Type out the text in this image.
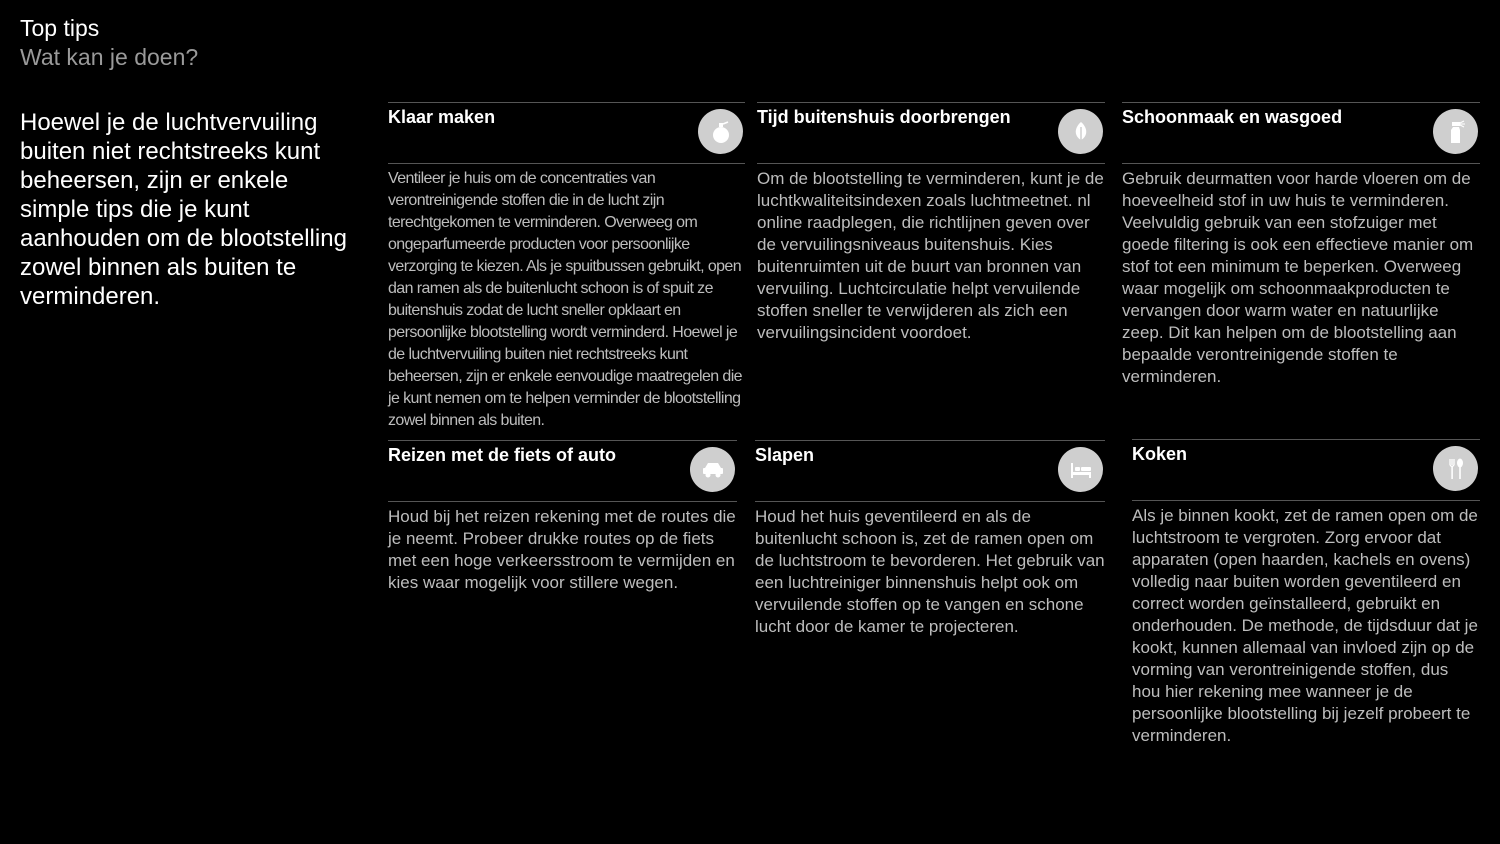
Top tips
Wat kan je doen?
Hoewel je de luchtvervuiling buiten niet rechtstreeks kunt beheersen, zijn er enkele simple tips die je kunt aanhouden om de blootstelling zowel binnen als buiten te verminderen.
Klaar maken
Ventileer je huis om de concentraties van verontreinigende stoffen die in de lucht zijn terechtgekomen te verminderen. Overweeg om ongeparfumeerde producten voor persoonlijke verzorging te kiezen. Als je spuitbussen gebruikt, open dan ramen als de buitenlucht schoon is of spuit ze buitenshuis zodat de lucht sneller opklaart en persoonlijke blootstelling wordt verminderd. Hoewel je de luchtvervuiling buiten niet rechtstreeks kunt beheersen, zijn er enkele eenvoudige maatregelen die je kunt nemen om te helpen verminder de blootstelling zowel binnen als buiten.
Tijd buitenshuis doorbrengen
Om de blootstelling te verminderen, kunt je de luchtkwaliteitsindexen zoals luchtmeetnet. nl online raadplegen, die richtlijnen geven over de vervuilingsniveaus buitenshuis. Kies buitenruimten uit de buurt van bronnen van vervuiling. Luchtcirculatie helpt vervuilende stoffen sneller te verwijderen als zich een vervuilingsincident voordoet.
Schoonmaak en wasgoed
Gebruik deurmatten voor harde vloeren om de hoeveelheid stof in uw huis te verminderen. Veelvuldig gebruik van een stofzuiger met goede filtering is ook een effectieve manier om stof tot een minimum te beperken. Overweeg waar mogelijk om schoonmaakproducten te vervangen door warm water en natuurlijke zeep. Dit kan helpen om de blootstelling aan bepaalde verontreinigende stoffen te verminderen.
Reizen met de fiets of auto
Houd bij het reizen rekening met de routes die je neemt. Probeer drukke routes op de fiets met een hoge verkeersstroom te vermijden en kies waar mogelijk voor stillere wegen.
Slapen
Houd het huis geventileerd en als de buitenlucht schoon is, zet de ramen open om de luchtstroom te bevorderen. Het gebruik van een luchtreiniger binnenshuis helpt ook om vervuilende stoffen op te vangen en schone lucht door de kamer te projecteren.
Koken
Als je binnen kookt, zet de ramen open om de luchtstroom te vergroten. Zorg ervoor dat apparaten (open haarden, kachels en ovens) volledig naar buiten worden geventileerd en correct worden geïnstalleerd, gebruikt en onderhouden. De methode, de tijdsduur dat je kookt, kunnen allemaal van invloed zijn op de vorming van verontreinigende stoffen, dus hou hier rekening mee wanneer je de persoonlijke blootstelling bij jezelf probeert te verminderen.
